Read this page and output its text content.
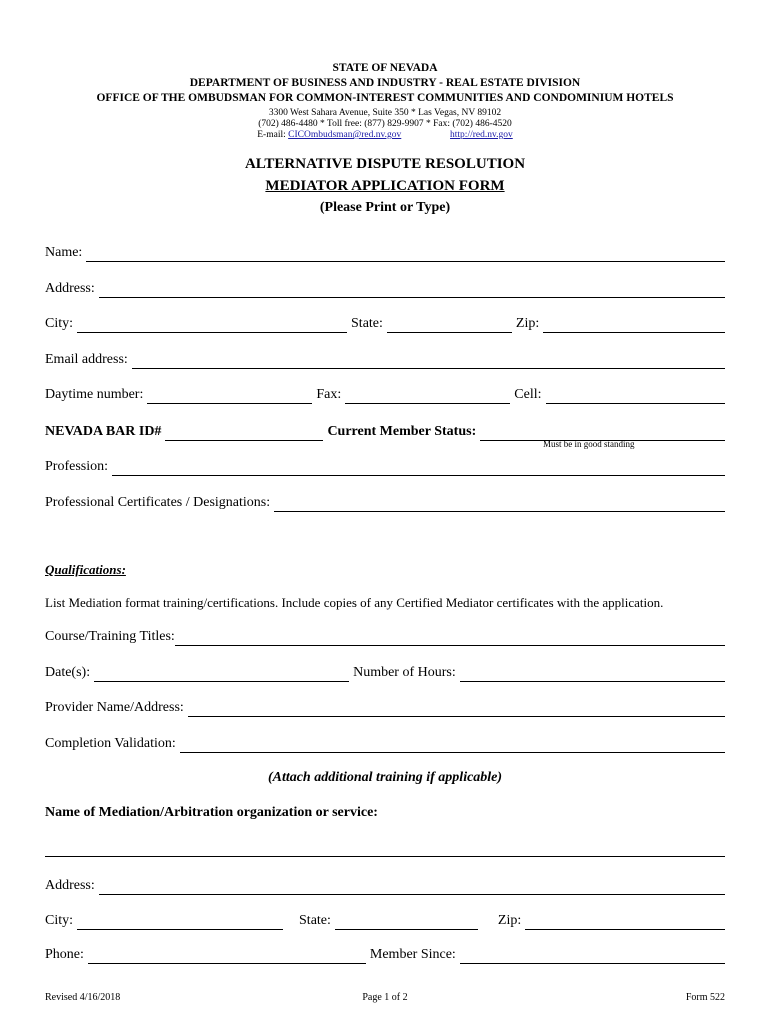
STATE OF NEVADA
DEPARTMENT OF BUSINESS AND INDUSTRY - REAL ESTATE DIVISION
OFFICE OF THE OMBUDSMAN FOR COMMON-INTEREST COMMUNITIES AND CONDOMINIUM HOTELS
3300 West Sahara Avenue, Suite 350 * Las Vegas, NV 89102
(702) 486-4480 * Toll free: (877) 829-9907 * Fax: (702) 486-4520
E-mail: CICOmbudsman@red.nv.gov	http://red.nv.gov
ALTERNATIVE DISPUTE RESOLUTION
MEDIATOR APPLICATION FORM
(Please Print or Type)
Name:
Address:
City:	State:	Zip:
Email address:
Daytime number:	Fax:	Cell:
NEVADA BAR ID#	Current Member Status:
Must be in good standing
Profession:
Professional Certificates / Designations:
Qualifications:
List Mediation format training/certifications. Include copies of any Certified Mediator certificates with the application.
Course/Training Titles:
Date(s):	Number of Hours:
Provider Name/Address:
Completion Validation:
(Attach additional training if applicable)
Name of Mediation/Arbitration organization or service:
Address:
City:	State:	Zip:
Phone:	Member Since:
Revised 4/16/2018	Page 1 of 2	Form 522
